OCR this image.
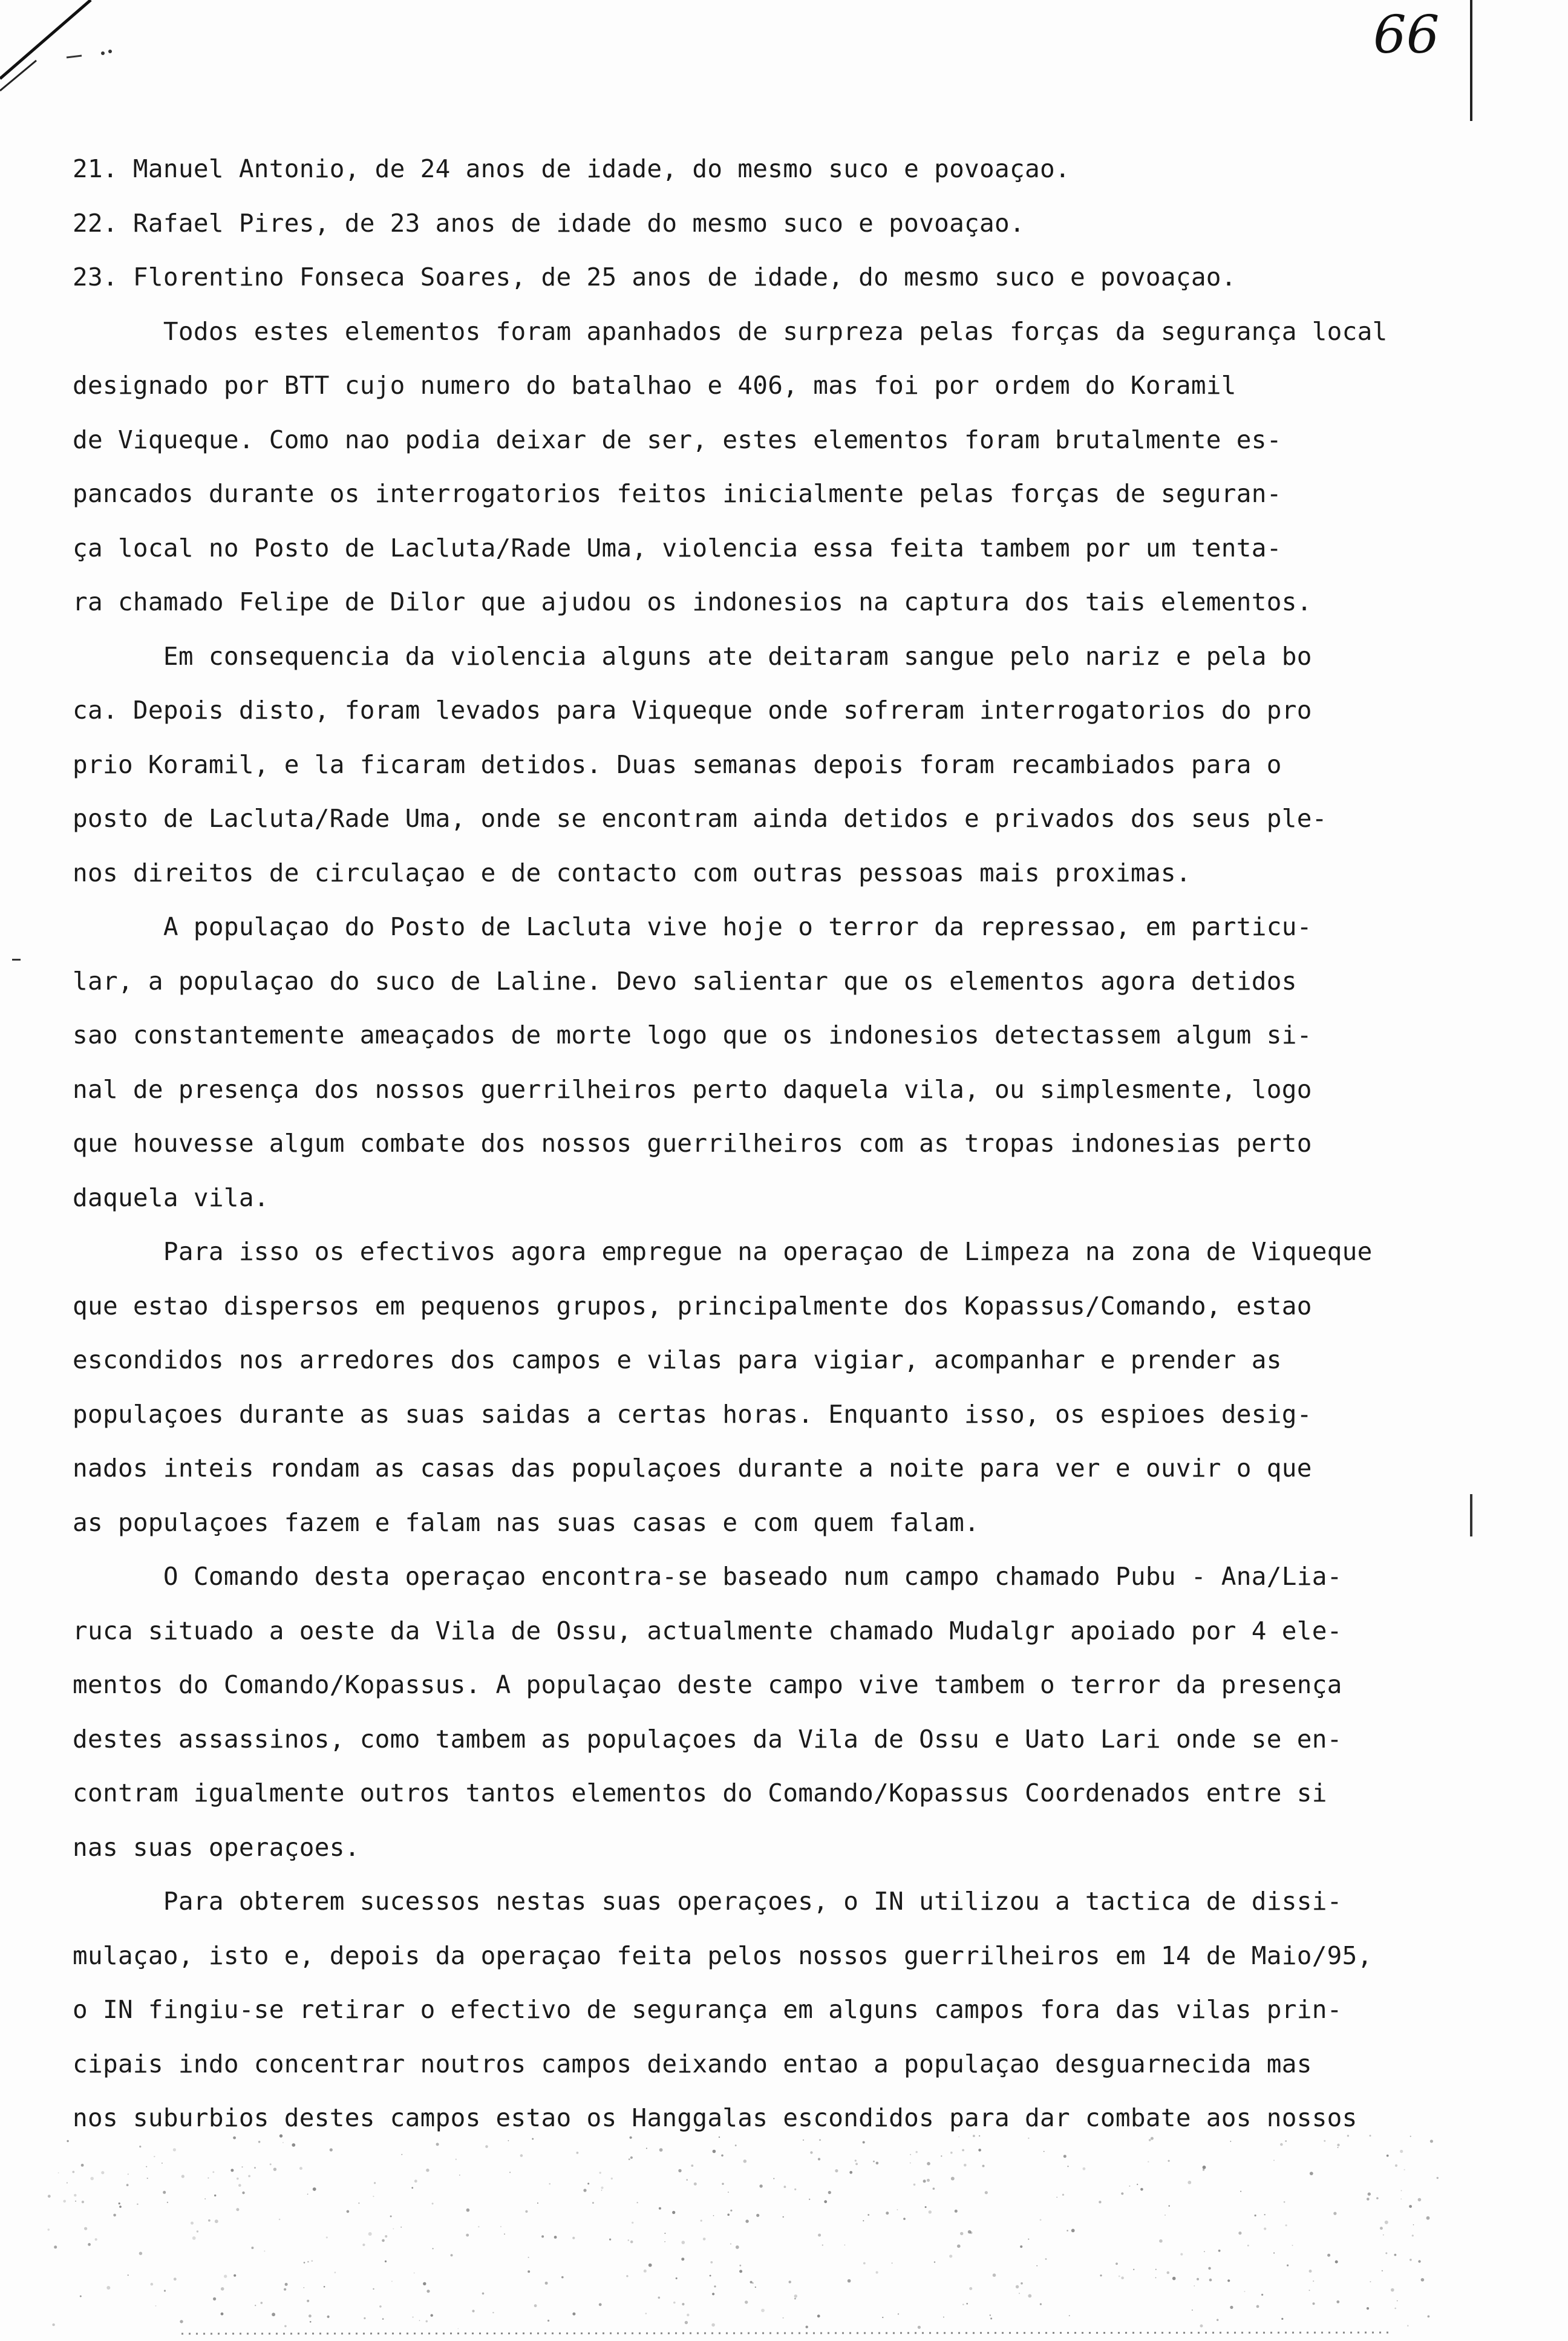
66

21. Manuel Antonio, de 24 anos de idade, do mesmo suco e povoaçao.

22. Rafael Pires, de 23 anos de idade do mesmo suco e povoaçao.

23. Florentino Fonseca Soares, de 25 anos de idade, do mesmo suco e povoaçao.

Todos estes elementos foram apanhados de surpreza pelas forças da segurança local

designado por BTT cujo numero do batalhao e 406, mas foi por ordem do Koramil

de Viqueque. Como nao podia deixar de ser, estes elementos foram brutalmente es-

pancados durante os interrogatorios feitos inicialmente pelas forças de seguran-

ça local no Posto de Lacluta/Rade Uma, violencia essa feita tambem por um tenta-

ra chamado Felipe de Dilor que ajudou os indonesios na captura dos tais elementos.

Em consequencia da violencia alguns ate deitaram sangue pelo nariz e pela bo

ca. Depois disto, foram levados para Viqueque onde sofreram interrogatorios do pro

prio Koramil, e la ficaram detidos. Duas semanas depois foram recambiados para o

posto de Lacluta/Rade Uma, onde se encontram ainda detidos e privados dos seus ple-

nos direitos de circulaçao e de contacto com outras pessoas mais proximas.

A populaçao do Posto de Lacluta vive hoje o terror da repressao, em particu-

lar, a populaçao do suco de Laline. Devo salientar que os elementos agora detidos

sao constantemente ameaçados de morte logo que os indonesios detectassem algum si-

nal de presença dos nossos guerrilheiros perto daquela vila, ou simplesmente, logo

que houvesse algum combate dos nossos guerrilheiros com as tropas indonesias perto

daquela vila.

Para isso os efectivos agora empregue na operaçao de Limpeza na zona de Viqueque

que estao dispersos em pequenos grupos, principalmente dos Kopassus/Comando, estao

escondidos nos arredores dos campos e vilas para vigiar, acompanhar e prender as

populaçoes durante as suas saidas a certas horas. Enquanto isso, os espioes desig-

nados inteis rondam as casas das populaçoes durante a noite para ver e ouvir o que

as populaçoes fazem e falam nas suas casas e com quem falam.

O Comando desta operaçao encontra-se baseado num campo chamado Pubu - Ana/Lia-

ruca situado a oeste da Vila de Ossu, actualmente chamado Mudalgr apoiado por 4 ele-

mentos do Comando/Kopassus. A populaçao deste campo vive tambem o terror da presença

destes assassinos, como tambem as populaçoes da Vila de Ossu e Uato Lari onde se en-

contram igualmente outros tantos elementos do Comando/Kopassus Coordenados entre si

nas suas operaçoes.

Para obterem sucessos nestas suas operaçoes, o IN utilizou a tactica de dissi-

mulaçao, isto e, depois da operaçao feita pelos nossos guerrilheiros em 14 de Maio/95,

o IN fingiu-se retirar o efectivo de segurança em alguns campos fora das vilas prin-

cipais indo concentrar noutros campos deixando entao a populaçao desguarnecida mas

nos suburbios destes campos estao os Hanggalas escondidos para dar combate aos nossos
